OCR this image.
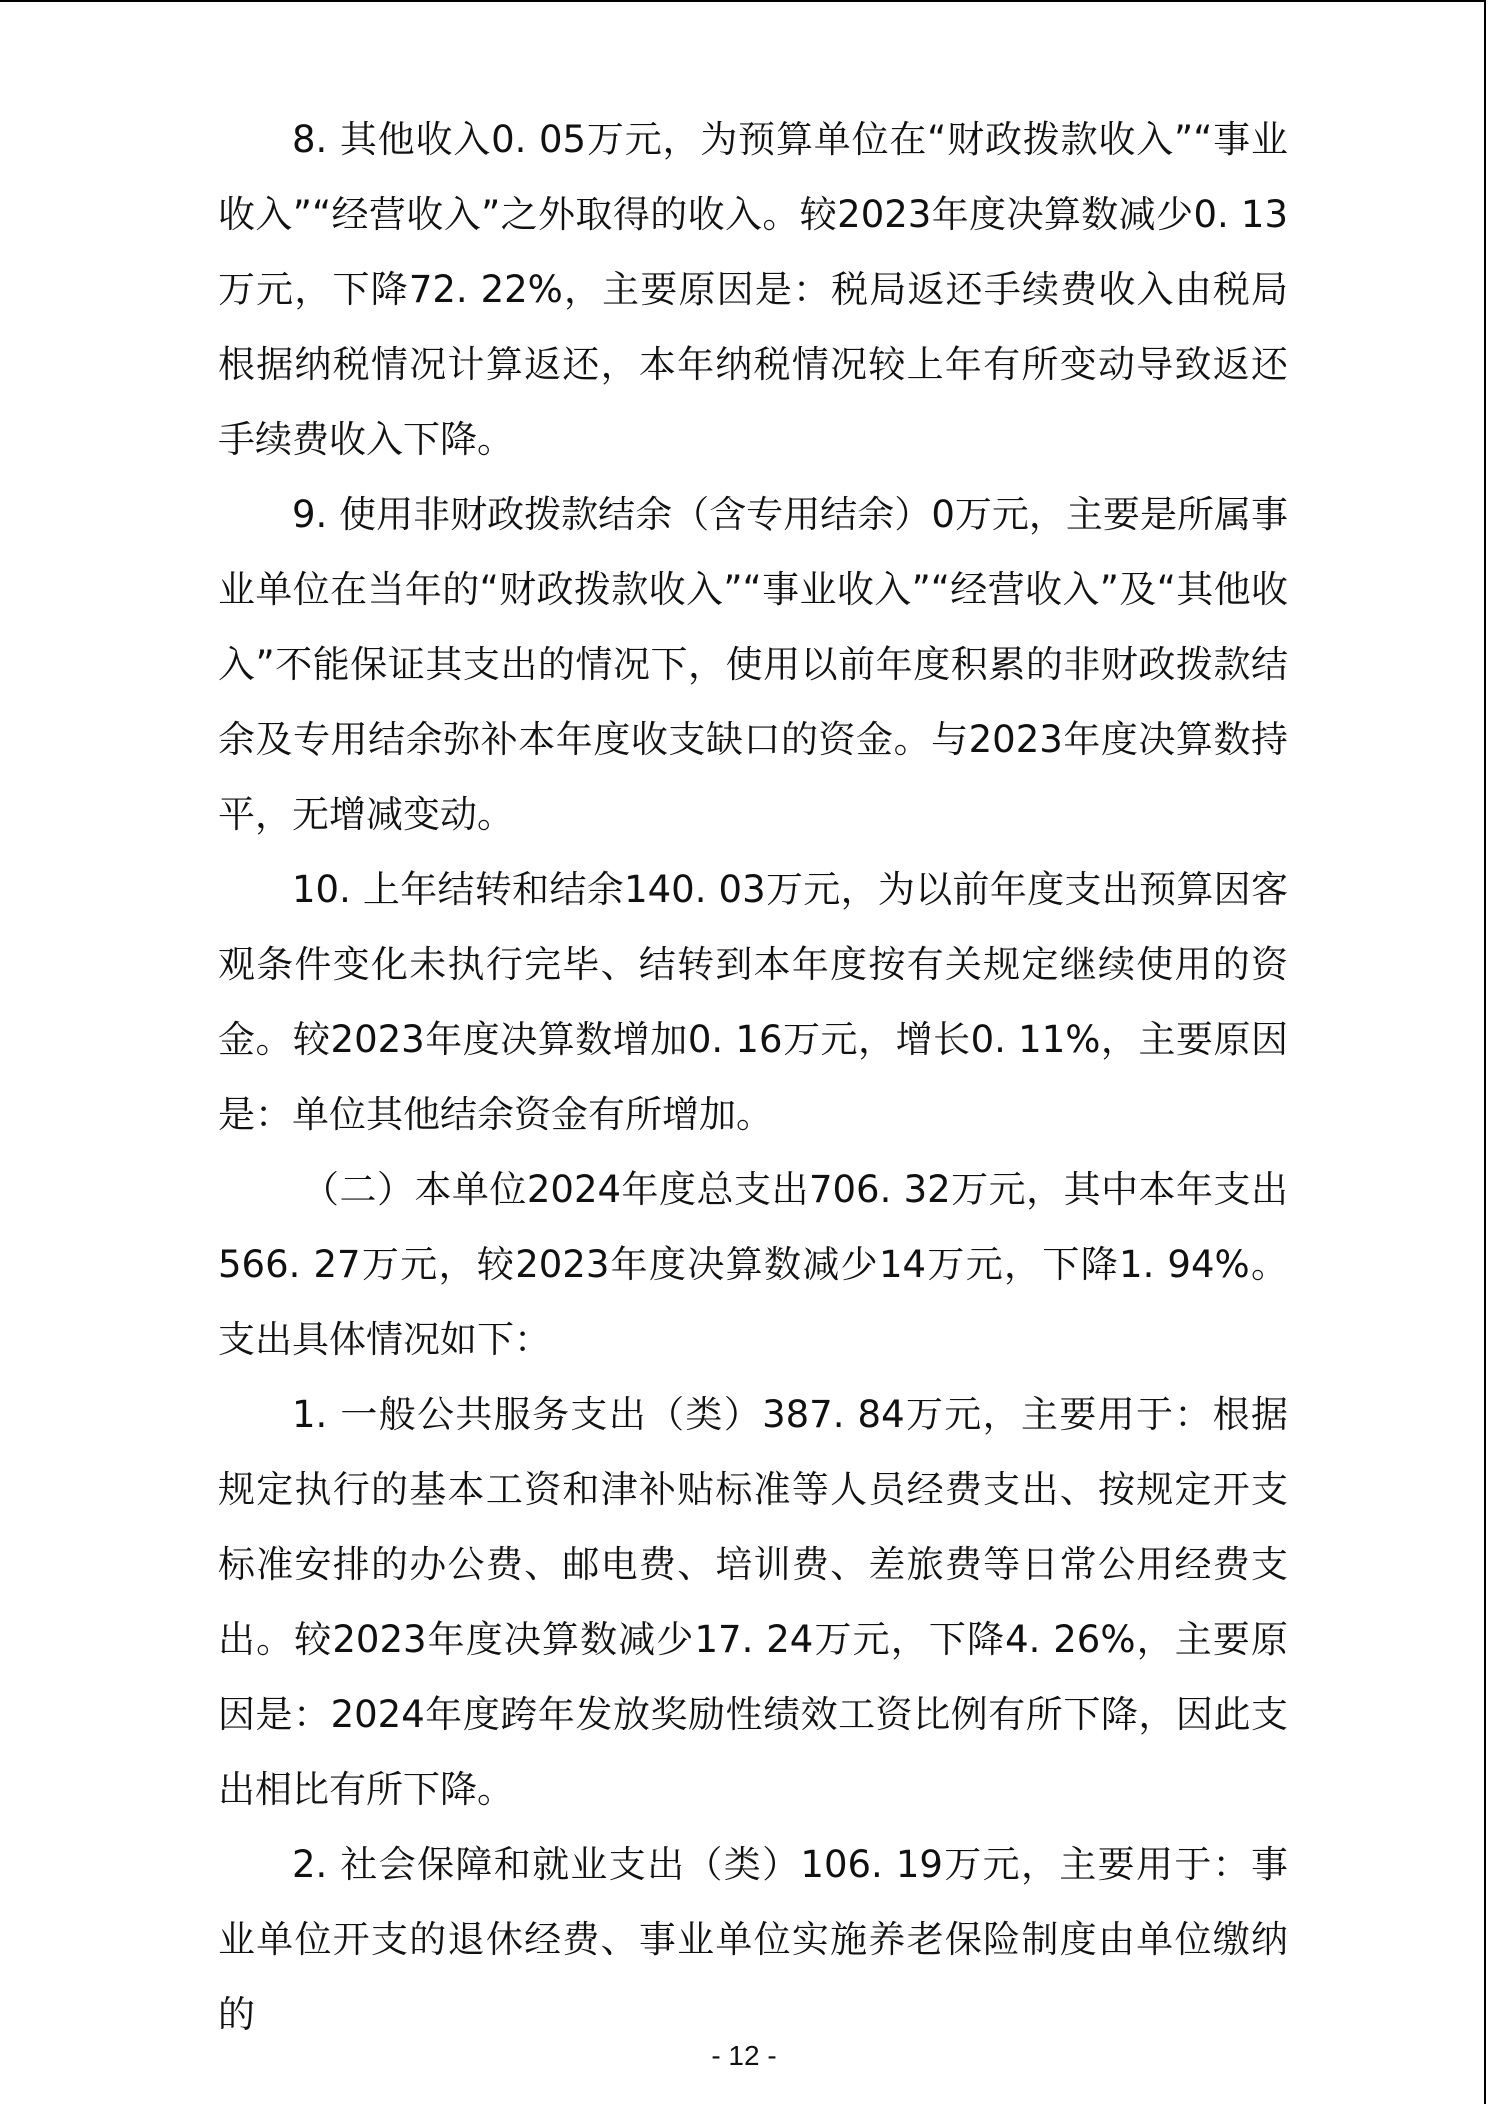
8. 其他收入0. 05万元，为预算单位在“财政拨款收入”“事业收入”“经营收入”之外取得的收入。较2023年度决算数减少0. 13万元，下降72. 22%，主要原因是：税局返还手续费收入由税局根据纳税情况计算返还，本年纳税情况较上年有所变动导致返还手续费收入下降。

9. 使用非财政拨款结余（含专用结余）0万元，主要是所属事业单位在当年的“财政拨款收入”“事业收入”“经营收入”及“其他收入”不能保证其支出的情况下，使用以前年度积累的非财政拨款结余及专用结余弥补本年度收支缺口的资金。与2023年度决算数持平，无增减变动。

10. 上年结转和结余140. 03万元，为以前年度支出预算因客观条件变化未执行完毕、结转到本年度按有关规定继续使用的资金。较2023年度决算数增加0. 16万元，增长0. 11%，主要原因是：单位其他结余资金有所增加。

（二）本单位2024年度总支出706. 32万元，其中本年支出566. 27万元，较2023年度决算数减少14万元，下降1. 94%。支出具体情况如下：

1. 一般公共服务支出（类）387. 84万元，主要用于：根据规定执行的基本工资和津补贴标准等人员经费支出、按规定开支标准安排的办公费、邮电费、培训费、差旅费等日常公用经费支出。较2023年度决算数减少17. 24万元，下降4. 26%，主要原因是：2024年度跨年发放奖励性绩效工资比例有所下降，因此支出相比有所下降。

2. 社会保障和就业支出（类）106. 19万元，主要用于：事业单位开支的退休经费、事业单位实施养老保险制度由单位缴纳的

- 12 -
